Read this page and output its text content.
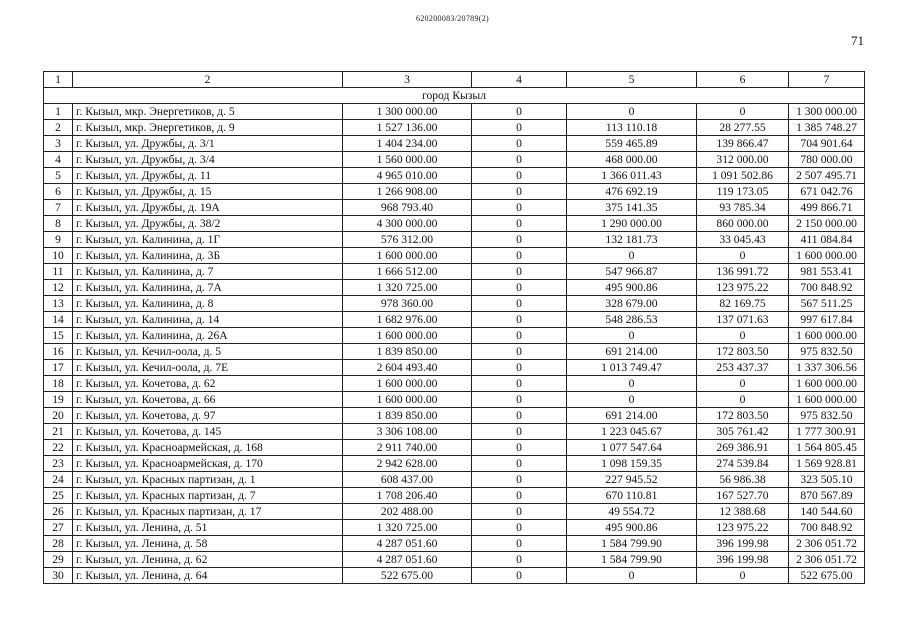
620200083/20789(2)
71
1	2	3	4	5	6	7
город Кызыл						
1	г. Кызыл, мкр. Энергетиков, д. 5	1 300 000.00	0	0	0	1 300 000.00
2	г. Кызыл, мкр. Энергетиков, д. 9	1 527 136.00	0	113 110.18	28 277.55	1 385 748.27
3	г. Кызыл, ул. Дружбы, д. 3/1	1 404 234.00	0	559 465.89	139 866.47	704 901.64
4	г. Кызыл, ул. Дружбы, д. 3/4	1 560 000.00	0	468 000.00	312 000.00	780 000.00
5	г. Кызыл, ул. Дружбы, д. 11	4 965 010.00	0	1 366 011.43	1 091 502.86	2 507 495.71
6	г. Кызыл, ул. Дружбы, д. 15	1 266 908.00	0	476 692.19	119 173.05	671 042.76
7	г. Кызыл, ул. Дружбы, д. 19А	968 793.40	0	375 141.35	93 785.34	499 866.71
8	г. Кызыл, ул. Дружбы, д. 38/2	4 300 000.00	0	1 290 000.00	860 000.00	2 150 000.00
9	г. Кызыл, ул. Калинина, д. 1Г	576 312.00	0	132 181.73	33 045.43	411 084.84
10	г. Кызыл, ул. Калинина, д. 3Б	1 600 000.00	0	0	0	1 600 000.00
11	г. Кызыл, ул. Калинина, д. 7	1 666 512.00	0	547 966.87	136 991.72	981 553.41
12	г. Кызыл, ул. Калинина, д. 7А	1 320 725.00	0	495 900.86	123 975.22	700 848.92
13	г. Кызыл, ул. Калинина, д. 8	978 360.00	0	328 679.00	82 169.75	567 511.25
14	г. Кызыл, ул. Калинина, д. 14	1 682 976.00	0	548 286.53	137 071.63	997 617.84
15	г. Кызыл, ул. Калинина, д. 26А	1 600 000.00	0	0	0	1 600 000.00
16	г. Кызыл, ул. Кечил-оола, д. 5	1 839 850.00	0	691 214.00	172 803.50	975 832.50
17	г. Кызыл, ул. Кечил-оола, д. 7Е	2 604 493.40	0	1 013 749.47	253 437.37	1 337 306.56
18	г. Кызыл, ул. Кочетова, д. 62	1 600 000.00	0	0	0	1 600 000.00
19	г. Кызыл, ул. Кочетова, д. 66	1 600 000.00	0	0	0	1 600 000.00
20	г. Кызыл, ул. Кочетова, д. 97	1 839 850.00	0	691 214.00	172 803.50	975 832.50
21	г. Кызыл, ул. Кочетова, д. 145	3 306 108.00	0	1 223 045.67	305 761.42	1 777 300.91
22	г. Кызыл, ул. Красноармейская, д. 168	2 911 740.00	0	1 077 547.64	269 386.91	1 564 805.45
23	г. Кызыл, ул. Красноармейская, д. 170	2 942 628.00	0	1 098 159.35	274 539.84	1 569 928.81
24	г. Кызыл, ул. Красных партизан, д. 1	608 437.00	0	227 945.52	56 986.38	323 505.10
25	г. Кызыл, ул. Красных партизан, д. 7	1 708 206.40	0	670 110.81	167 527.70	870 567.89
26	г. Кызыл, ул. Красных партизан, д. 17	202 488.00	0	49 554.72	12 388.68	140 544.60
27	г. Кызыл, ул. Ленина, д. 51	1 320 725.00	0	495 900.86	123 975.22	700 848.92
28	г. Кызыл, ул. Ленина, д. 58	4 287 051.60	0	1 584 799.90	396 199.98	2 306 051.72
29	г. Кызыл, ул. Ленина, д. 62	4 287 051.60	0	1 584 799.90	396 199.98	2 306 051.72
30	г. Кызыл, ул. Ленина, д. 64	522 675.00	0	0	0	522 675.00
